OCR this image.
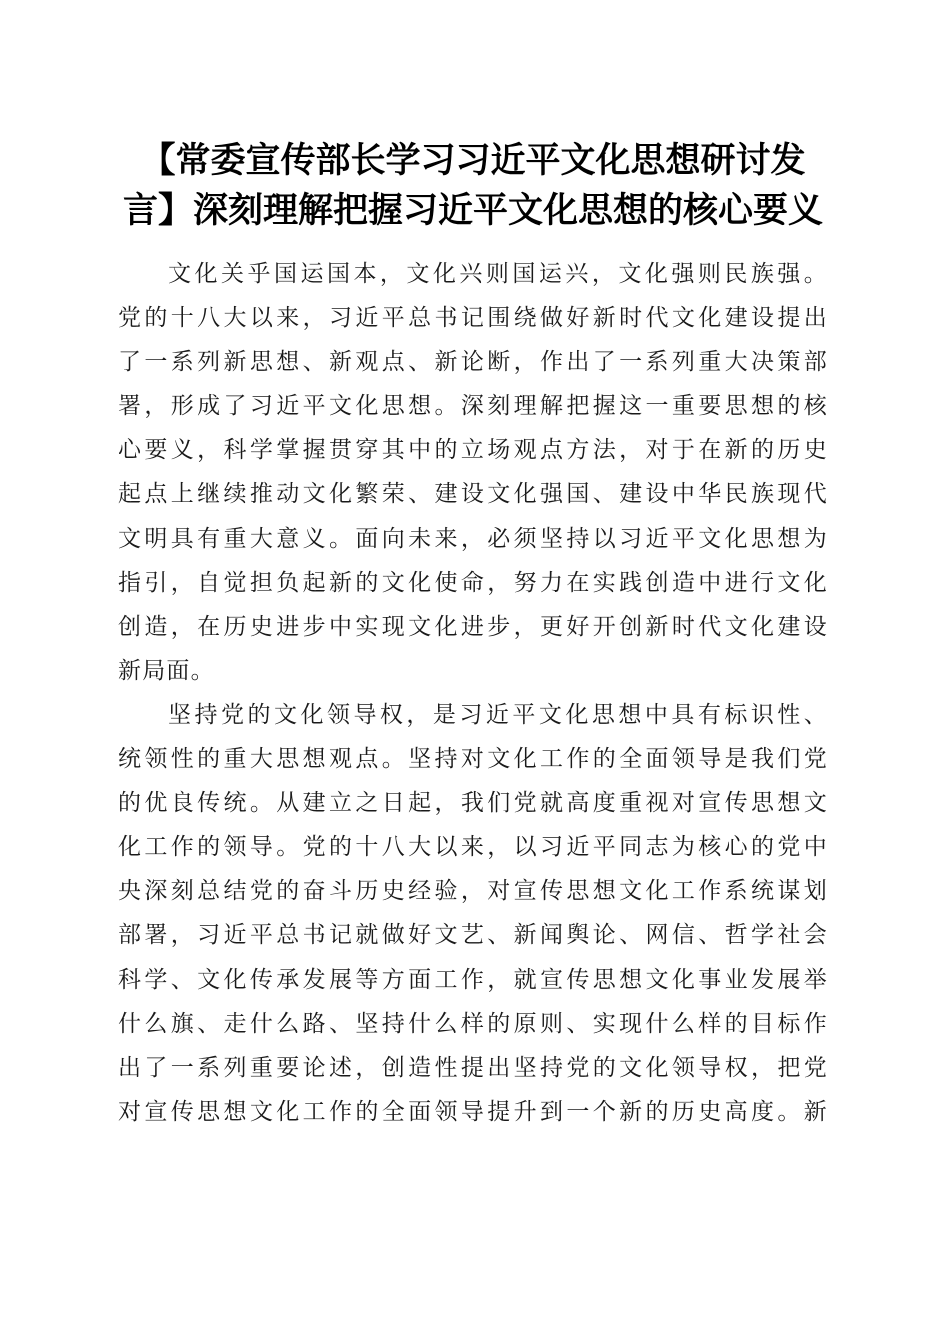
【常委宣传部长学习习近平文化思想研讨发
言】深刻理解把握习近平文化思想的核心要义

文化关乎国运国本，文化兴则国运兴，文化强则民族强。
党的十八大以来，习近平总书记围绕做好新时代文化建设提出
了一系列新思想、新观点、新论断，作出了一系列重大决策部
署，形成了习近平文化思想。深刻理解把握这一重要思想的核
心要义，科学掌握贯穿其中的立场观点方法，对于在新的历史
起点上继续推动文化繁荣、建设文化强国、建设中华民族现代
文明具有重大意义。面向未来，必须坚持以习近平文化思想为
指引，自觉担负起新的文化使命，努力在实践创造中进行文化
创造，在历史进步中实现文化进步，更好开创新时代文化建设
新局面。

坚持党的文化领导权，是习近平文化思想中具有标识性、
统领性的重大思想观点。坚持对文化工作的全面领导是我们党
的优良传统。从建立之日起，我们党就高度重视对宣传思想文
化工作的领导。党的十八大以来，以习近平同志为核心的党中
央深刻总结党的奋斗历史经验，对宣传思想文化工作系统谋划
部署，习近平总书记就做好文艺、新闻舆论、网信、哲学社会
科学、文化传承发展等方面工作，就宣传思想文化事业发展举
什么旗、走什么路、坚持什么样的原则、实现什么样的目标作
出了一系列重要论述，创造性提出坚持党的文化领导权，把党
对宣传思想文化工作的全面领导提升到一个新的历史高度。新
